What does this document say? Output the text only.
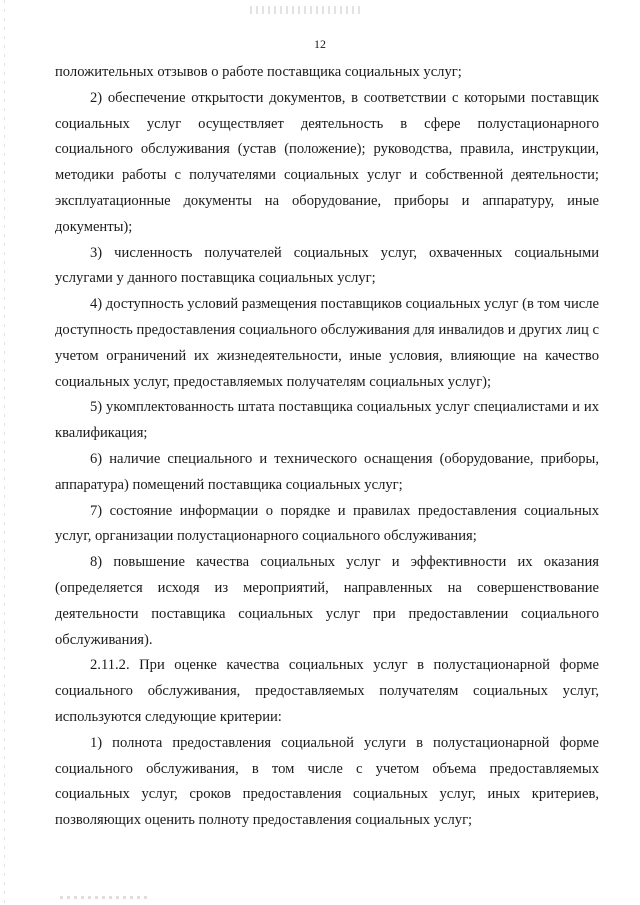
12

положительных отзывов о работе поставщика социальных услуг;

2) обеспечение открытости документов, в соответствии с которыми поставщик социальных услуг осуществляет деятельность в сфере полустационарного социального обслуживания (устав (положение); руководства, правила, инструкции, методики работы с получателями социальных услуг и собственной деятельности; эксплуатационные документы на оборудование, приборы и аппаратуру, иные документы);

3) численность получателей социальных услуг, охваченных социальными услугами у данного поставщика социальных услуг;

4) доступность условий размещения поставщиков социальных услуг (в том числе доступность предоставления социального обслуживания для инвалидов и других лиц с учетом ограничений их жизнедеятельности, иные условия, влияющие на качество социальных услуг, предоставляемых получателям социальных услуг);

5) укомплектованность штата поставщика социальных услуг специалистами и их квалификация;

6) наличие специального и технического оснащения (оборудование, приборы, аппаратура) помещений поставщика социальных услуг;

7) состояние информации о порядке и правилах предоставления социальных услуг, организации полустационарного социального обслуживания;

8) повышение качества социальных услуг и эффективности их оказания (определяется исходя из мероприятий, направленных на совершенствование деятельности поставщика социальных услуг при предоставлении социального обслуживания).

2.11.2. При оценке качества социальных услуг в полустационарной форме социального обслуживания, предоставляемых получателям социальных услуг, используются следующие критерии:

1) полнота предоставления социальной услуги в полустационарной форме социального обслуживания, в том числе с учетом объема предоставляемых социальных услуг, сроков предоставления социальных услуг, иных критериев, позволяющих оценить полноту предоставления социальных услуг;
